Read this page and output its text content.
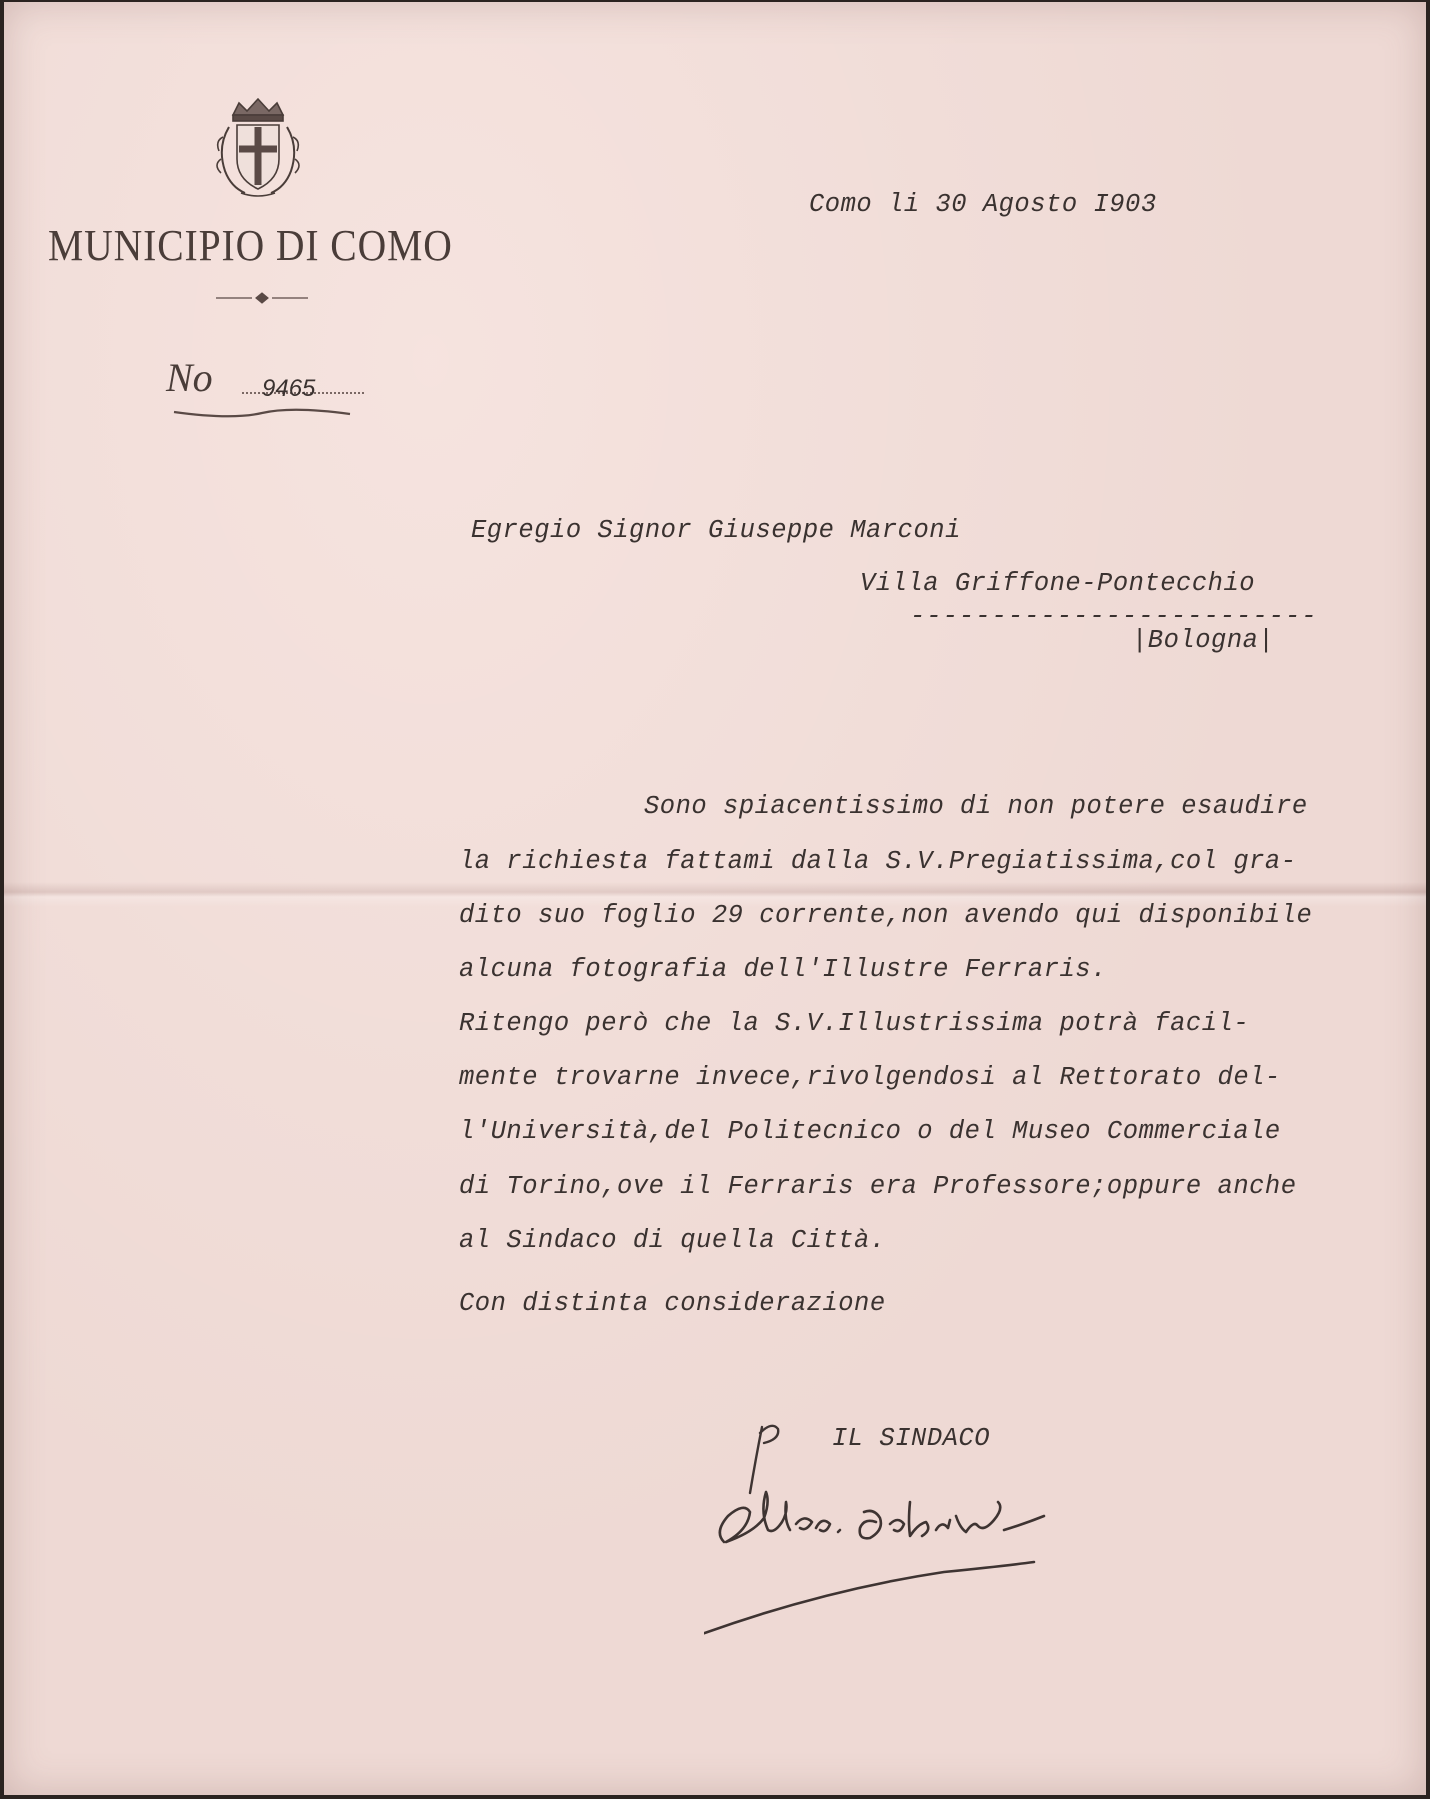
MUNICIPIO DI COMO
No 9465
Como li 30 Agosto I903
Egregio Signor Giuseppe Marconi
Villa Griffone-Pontecchio
-------------------------
|Bologna|
Sono spiacentissimo di non potere esaudire
la richiesta fattami dalla S.V.Pregiatissima,col gra-
dito suo foglio 29 corrente,non avendo qui disponibile
alcuna fotografia dell'Illustre Ferraris.
Ritengo però che la S.V.Illustrissima potrà facil-
mente trovarne invece,rivolgendosi al Rettorato del-
l'Università,del Politecnico o del Museo Commerciale
di Torino,ove il Ferraris era Professore;oppure anche
al Sindaco di quella Città.
Con distinta considerazione
IL SINDACO
